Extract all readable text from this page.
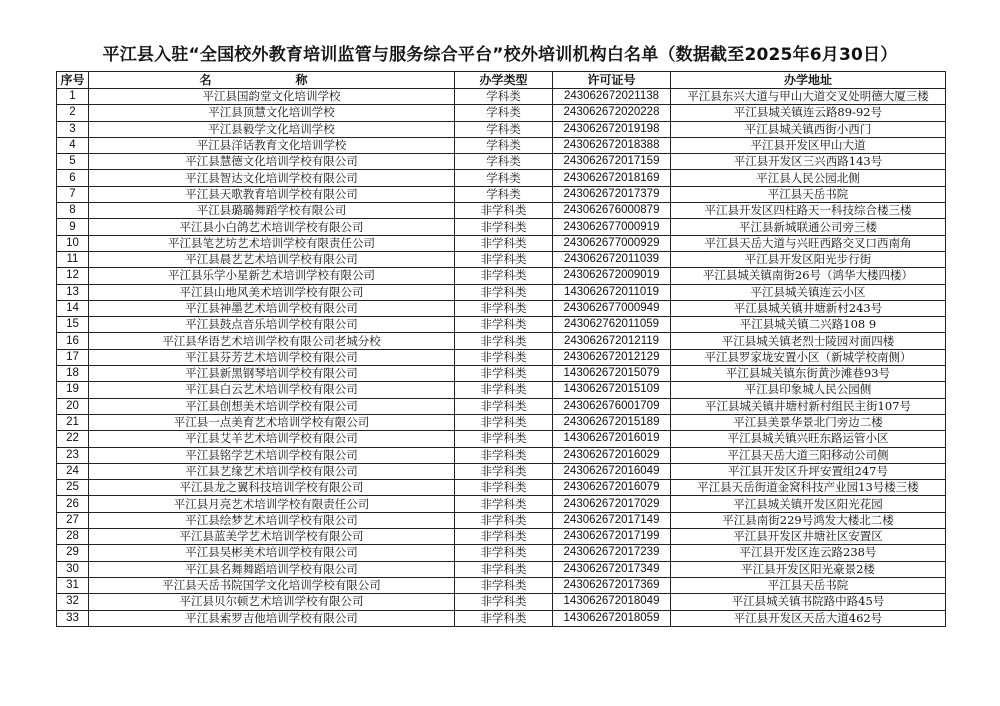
平江县入驻“全国校外教育培训监管与服务综合平台”校外培训机构白名单（数据截至2025年6月30日）
序号	名　称	办学类型	许可证号	办学地址
1	平江县国韵堂文化培训学校	学科类	243062672021138	平江县东兴大道与甲山大道交叉处明德大厦三楼
2	平江县顶慧文化培训学校	学科类	243062672020228	平江县城关镇连云路89-92号
3	平江县毅学文化培训学校	学科类	243062672019198	平江县城关镇西街小西门
4	平江县洋话教育文化培训学校	学科类	243062672018388	平江县开发区甲山大道
5	平江县慧德文化培训学校有限公司	学科类	243062672017159	平江县开发区三兴西路143号
6	平江县智达文化培训学校有限公司	学科类	243062672018169	平江县人民公园北侧
7	平江县天歌教育培训学校有限公司	学科类	243062672017379	平江县天岳书院
8	平江县璐璐舞蹈学校有限公司	非学科类	243062676000879	平江县开发区四柱路天一科技综合楼三楼
9	平江县小白鸽艺术培训学校有限公司	非学科类	243062677000919	平江县新城联通公司旁三楼
10	平江县笔艺坊艺术培训学校有限责任公司	非学科类	243062677000929	平江县天岳大道与兴旺西路交叉口西南角
11	平江县晨艺艺术培训学校有限公司	非学科类	243062672011039	平江县开发区阳光步行街
12	平江县乐学小星新艺术培训学校有限公司	非学科类	243062672009019	平江县城关镇南街26号（鸿华大楼四楼）
13	平江县山地风美术培训学校有限公司	非学科类	143062672011019	平江县城关镇连云小区
14	平江县神墨艺术培训学校有限公司	非学科类	243062677000949	平江县城关镇井塘新村243号
15	平江县鼓点音乐培训学校有限公司	非学科类	243062762011059	平江县城关镇二兴路108 9
16	平江县华语艺术培训学校有限公司老城分校	非学科类	243062672012119	平江县城关镇老烈士陵园对面四楼
17	平江县芬芳艺术培训学校有限公司	非学科类	243062672012129	平江县罗家垅安置小区（新城学校南侧）
18	平江县新黑钢琴培训学校有限公司	非学科类	143062672015079	平江县城关镇东街黄沙滩巷93号
19	平江县白云艺术培训学校有限公司	非学科类	143062672015109	平江县印象城人民公园侧
20	平江县创想美术培训学校有限公司	非学科类	243062676001709	平江县城关镇井塘村新村组民主街107号
21	平江县一点美育艺术培训学校有限公司	非学科类	243062672015189	平江县美景华景北门旁边二楼
22	平江县艾羊艺术培训学校有限公司	非学科类	143062672016019	平江县城关镇兴旺东路运管小区
23	平江县铭学艺术培训学校有限公司	非学科类	243062672016029	平江县天岳大道三阳移动公司侧
24	平江县艺缘艺术培训学校有限公司	非学科类	243062672016049	平江县开发区升坪安置组247号
25	平江县龙之翼科技培训学校有限公司	非学科类	243062672016079	平江县天岳街道金窝科技产业园13号楼三楼
26	平江县月亮艺术培训学校有限责任公司	非学科类	243062672017029	平江县城关镇开发区阳光花园
27	平江县绘梦艺术培训学校有限公司	非学科类	243062672017149	平江县南街229号鸿发大楼北二楼
28	平江县蓝美学艺术培训学校有限公司	非学科类	243062672017199	平江县开发区井塘社区安置区
29	平江县吴彬美术培训学校有限公司	非学科类	243062672017239	平江县开发区连云路238号
30	平江县名舞舞蹈培训学校有限公司	非学科类	243062672017349	平江县开发区阳光豪景2楼
31	平江县天岳书院国学文化培训学校有限公司	非学科类	243062672017369	平江县天岳书院
32	平江县贝尔顿艺术培训学校有限公司	非学科类	143062672018049	平江县城关镇书院路中路45号
33	平江县索罗吉他培训学校有限公司	非学科类	143062672018059	平江县开发区天岳大道462号
